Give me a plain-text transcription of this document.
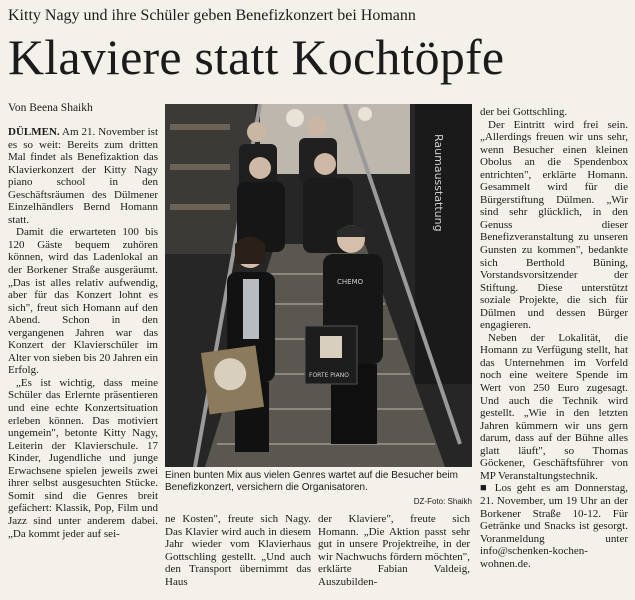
Kitty Nagy und ihre Schüler geben Benefizkonzert bei Homann
Klaviere statt Kochtöpfe
Von Beena Shaikh

DÜLMEN. Am 21. November ist es so weit: Bereits zum dritten Mal findet als Benefizaktion das Klavierkonzert der Kitty Nagy piano school in den Geschäftsräumen des Dülmener Einzelhändlers Bernd Homann statt.

Damit die erwarteten 100 bis 120 Gäste bequem zuhören können, wird das Ladenlokal an der Borkener Straße ausgeräumt. „Das ist alles relativ aufwendig, aber für das Konzert lohnt es sich", freut sich Homann auf den Abend. Schon in den vergangenen Jahren war das Konzert der Klavierschüler im Alter von sieben bis 20 Jahren ein Erfolg.

„Es ist wichtig, dass meine Schüler das Erlernte präsentieren und eine echte Konzertsituation erleben können. Das motiviert ungemein", betonte Kitty Nagy, Leiterin der Klavierschule. 17 Kinder, Jugendliche und junge Erwachsene spielen jeweils zwei ihrer selbst ausgesuchten Stücke. Somit sind die Genres breit gefächert: Klassik, Pop, Film und Jazz sind unter anderem dabei. „Da kommt jeder auf sei-

Raumausstattung
CHEMO
FORTE PIANO
Einen bunten Mix aus vielen Genres wartet auf die Besucher beim Benefizkonzert, versichern die Organisatoren.
DZ-Foto: Shaikh

ne Kosten", freute sich Nagy. Das Klavier wird auch in diesem Jahr wieder vom Klavierhaus Gottschling gestellt. „Und auch den Transport übernimmt das Haus

der Klaviere", freute sich Homann. „Die Aktion passt sehr gut in unsere Projektreihe, in der wir Nachwuchs fördern möchten", erklärte Fabian Valdeig, Auszubilden-

der bei Gottschling.

Der Eintritt wird frei sein. „Allerdings freuen wir uns sehr, wenn Besucher einen kleinen Obolus an die Spendenbox entrichten", erklärte Homann. Gesammelt wird für die Bürgerstiftung Dülmen. „Wir sind sehr glücklich, in den Genuss dieser Benefizveranstaltung zu unseren Gunsten zu kommen", bedankte sich Berthold Büning, Vorstandsvorsitzender der Stiftung. Diese unterstützt soziale Projekte, die sich für Dülmen und dessen Bürger engagieren.

Neben der Lokalität, die Homann zu Verfügung stellt, hat das Unternehmen im Vorfeld noch eine weitere Spende im Wert von 250 Euro zugesagt. Und auch die Technik wird gestellt. „Wie in den letzten Jahren kümmern wir uns gern darum, dass auf der Bühne alles glatt läuft", so Thomas Göckener, Geschäftsführer von MP Veranstaltungstechnik.

■ Los geht es am Donnerstag, 21. November, um 19 Uhr an der Borkener Straße 10-12. Für Getränke und Snacks ist gesorgt. Voranmeldung unter info@schenken-kochen-wohnen.de.
